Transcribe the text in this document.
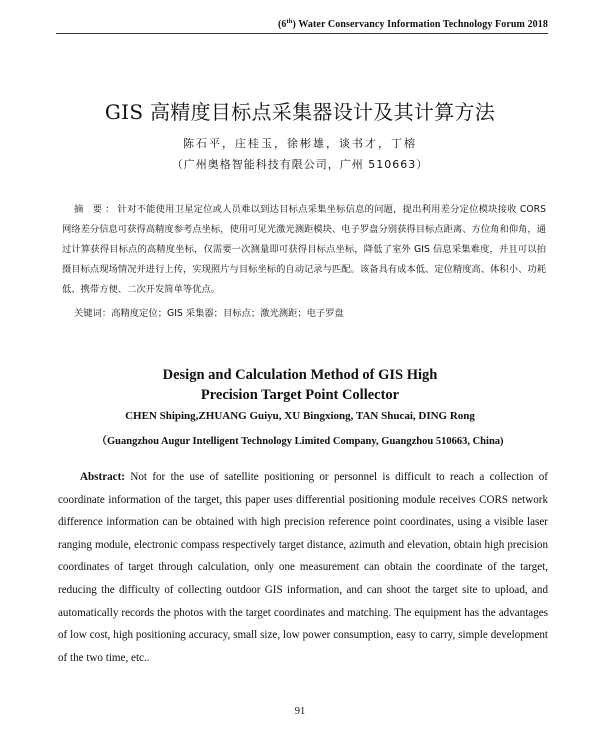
(6th) Water Conservancy Information Technology Forum 2018
GIS 高精度目标点采集器设计及其计算方法
陈石平，庄桂玉，徐彬雄，谈书才，丁榕
（广州奥格智能科技有限公司，广州 510663）
摘 要：针对不能使用卫星定位或人员难以到达目标点采集坐标信息的问题，提出利用差分定位模块接收 CORS 网络差分信息可获得高精度参考点坐标，使用可见光激光测距模块、电子罗盘分别获得目标点距离、方位角和仰角，通过计算获得目标点的高精度坐标，仅需要一次测量即可获得目标点坐标，降低了室外 GIS 信息采集难度，并且可以拍摄目标点现场情况并进行上传，实现照片与目标坐标的自动记录与匹配。该备具有成本低、定位精度高、体积小、功耗低、携带方便、二次开发简单等优点。
关键词：高精度定位；GIS 采集器；目标点；激光测距；电子罗盘
Design and Calculation Method of GIS High
Precision Target Point Collector
CHEN Shiping,ZHUANG Guiyu, XU Bingxiong, TAN Shucai, DING Rong
（Guangzhou Augur Intelligent Technology Limited Company, Guangzhou 510663, China)
Abstract: Not for the use of satellite positioning or personnel is difficult to reach a collection of coordinate information of the target, this paper uses differential positioning module receives CORS network difference information can be obtained with high precision reference point coordinates, using a visible laser ranging module, electronic compass respectively target distance, azimuth and elevation, obtain high precision coordinates of target through calculation, only one measurement can obtain the coordinate of the target, reducing the difficulty of collecting outdoor GIS information, and can shoot the target site to upload, and automatically records the photos with the target coordinates and matching. The equipment has the advantages of low cost, high positioning accuracy, small size, low power consumption, easy to carry, simple development of the two time, etc..
91
